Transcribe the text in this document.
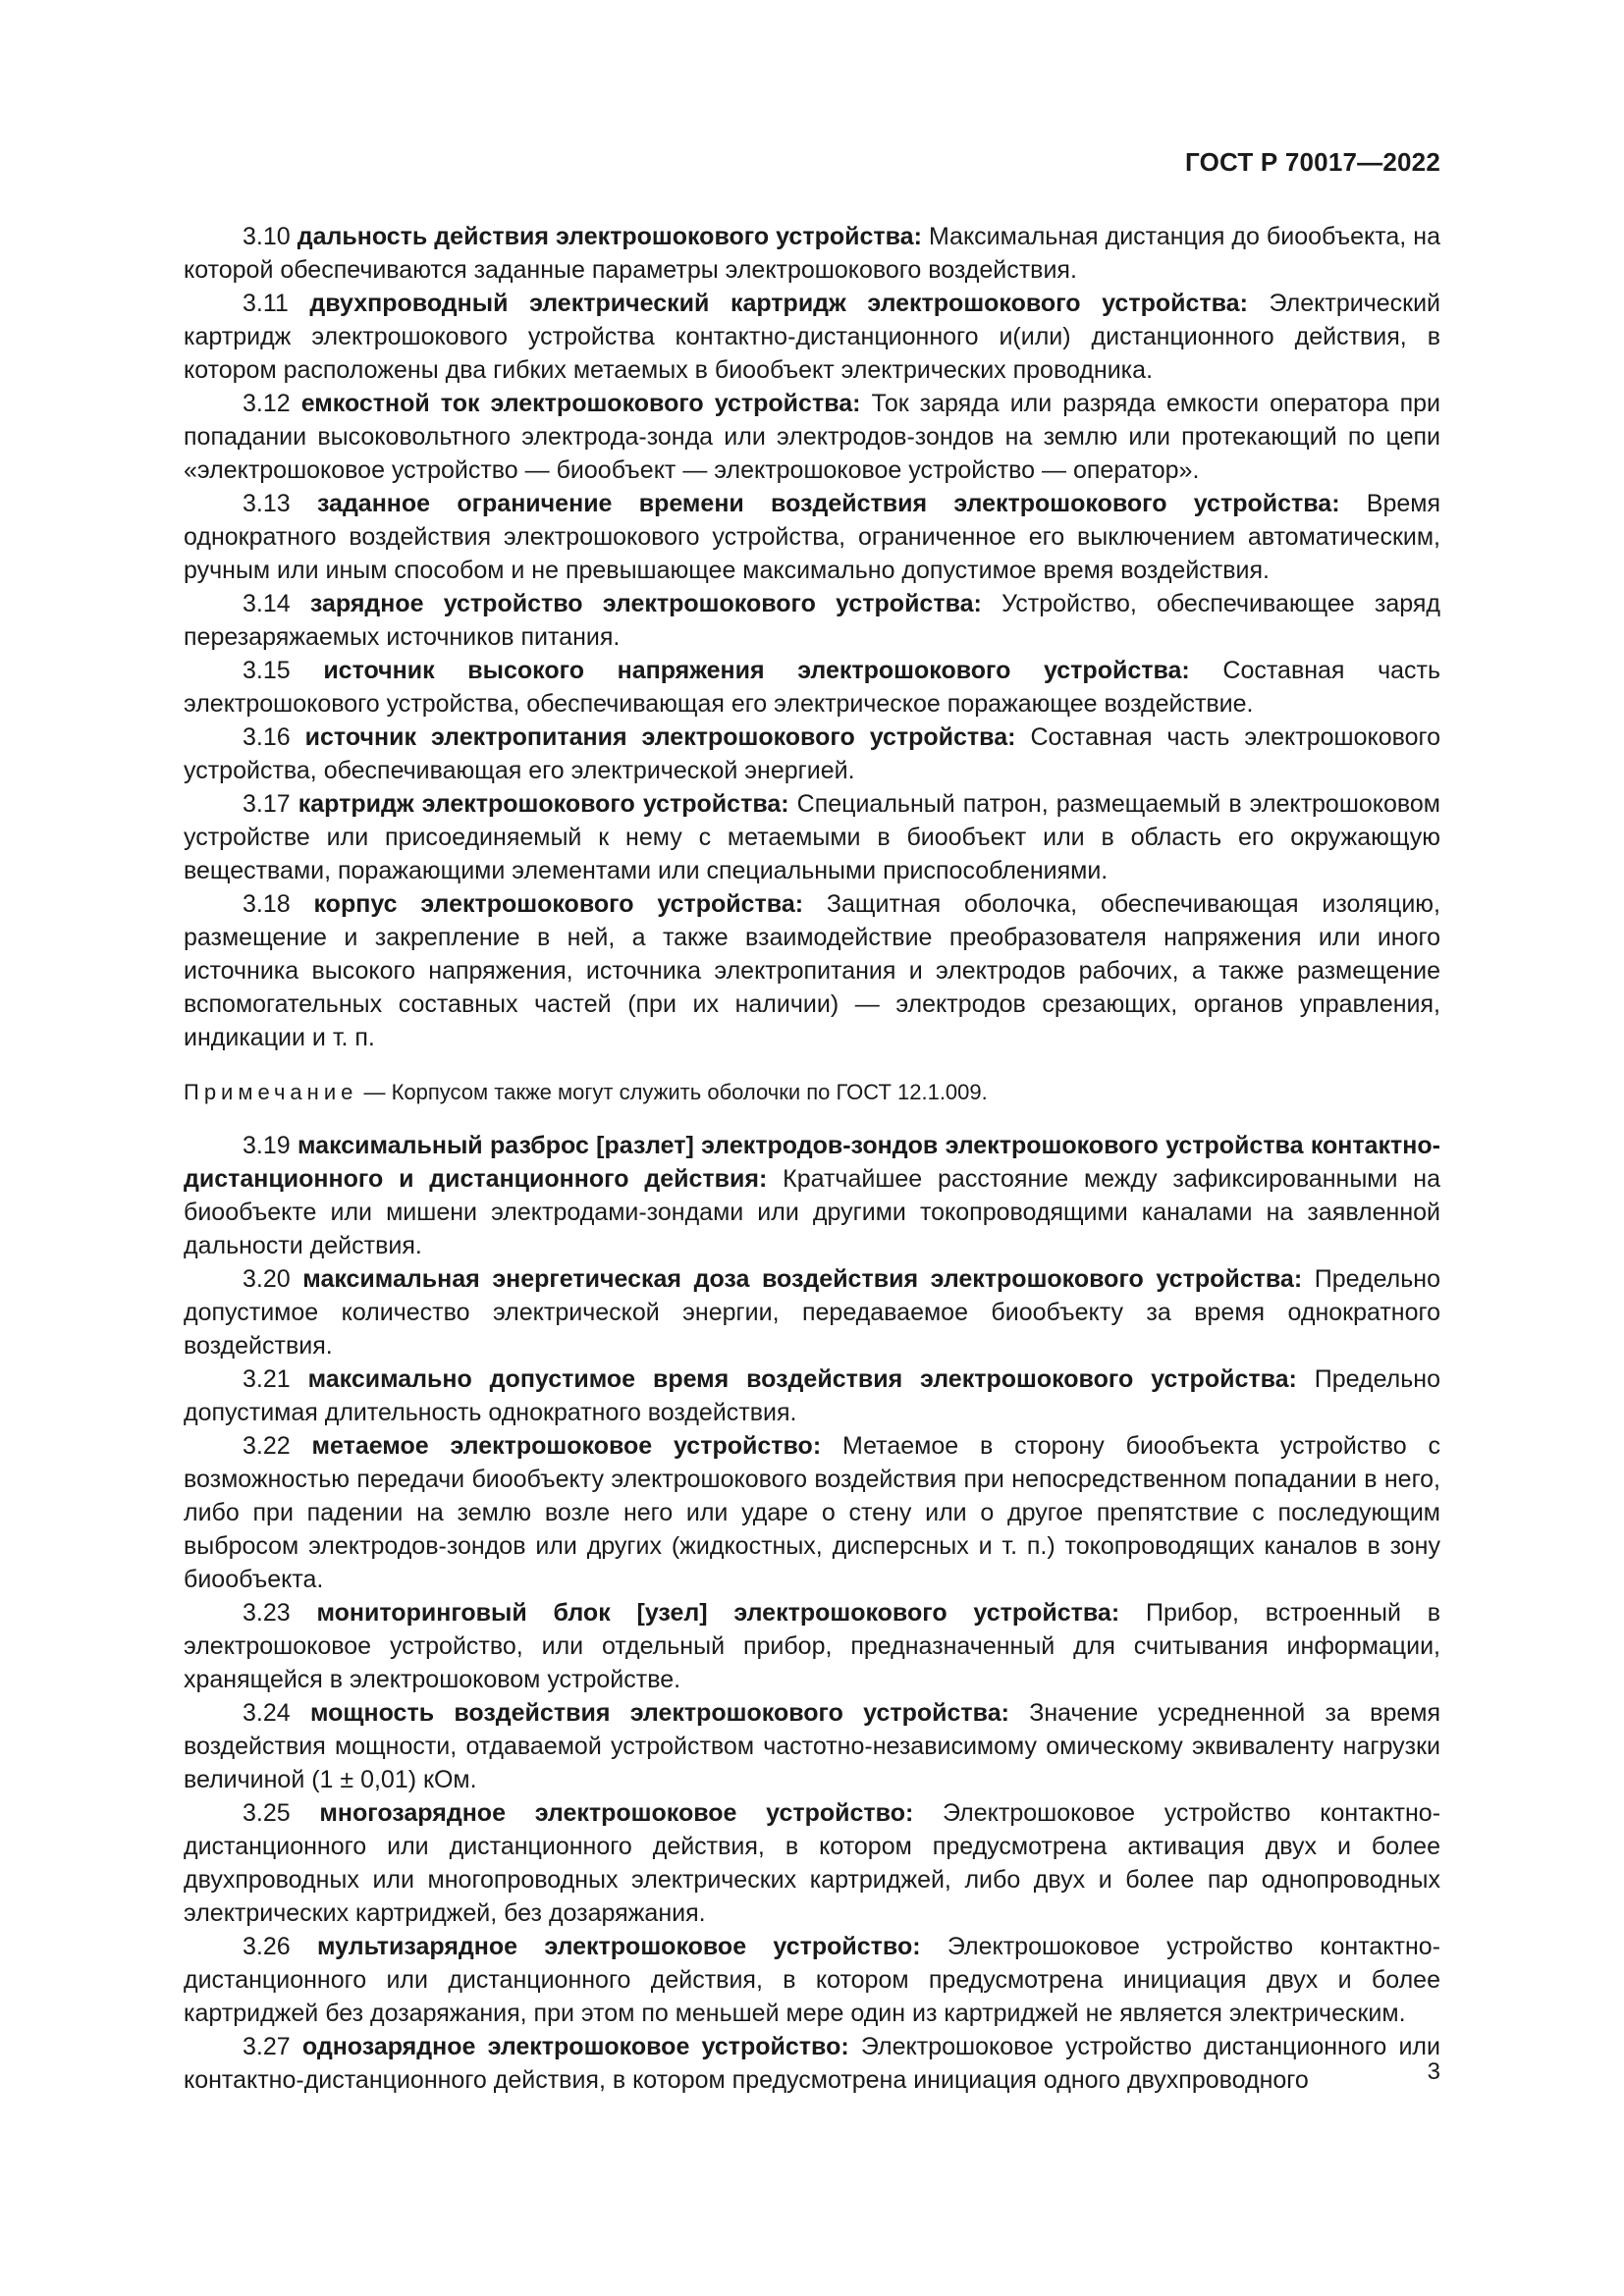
ГОСТ Р 70017—2022

3.10 дальность действия электрошокового устройства: Максимальная дистанция до биообъекта, на которой обеспечиваются заданные параметры электрошокового воздействия.

3.11 двухпроводный электрический картридж электрошокового устройства: Электрический картридж электрошокового устройства контактно-дистанционного и(или) дистанционного действия, в котором расположены два гибких метаемых в биообъект электрических проводника.

3.12 емкостной ток электрошокового устройства: Ток заряда или разряда емкости оператора при попадании высоковольтного электрода-зонда или электродов-зондов на землю или протекающий по цепи «электрошоковое устройство — биообъект — электрошоковое устройство — оператор».

3.13 заданное ограничение времени воздействия электрошокового устройства: Время однократного воздействия электрошокового устройства, ограниченное его выключением автоматическим, ручным или иным способом и не превышающее максимально допустимое время воздействия.

3.14 зарядное устройство электрошокового устройства: Устройство, обеспечивающее заряд перезаряжаемых источников питания.

3.15 источник высокого напряжения электрошокового устройства: Составная часть электрошокового устройства, обеспечивающая его электрическое поражающее воздействие.

3.16 источник электропитания электрошокового устройства: Составная часть электрошокового устройства, обеспечивающая его электрической энергией.

3.17 картридж электрошокового устройства: Специальный патрон, размещаемый в электрошоковом устройстве или присоединяемый к нему с метаемыми в биообъект или в область его окружающую веществами, поражающими элементами или специальными приспособлениями.

3.18 корпус электрошокового устройства: Защитная оболочка, обеспечивающая изоляцию, размещение и закрепление в ней, а также взаимодействие преобразователя напряжения или иного источника высокого напряжения, источника электропитания и электродов рабочих, а также размещение вспомогательных составных частей (при их наличии) — электродов срезающих, органов управления, индикации и т. п.

Примечание — Корпусом также могут служить оболочки по ГОСТ 12.1.009.

3.19 максимальный разброс [разлет] электродов-зондов электрошокового устройства контактно-дистанционного и дистанционного действия: Кратчайшее расстояние между зафиксированными на биообъекте или мишени электродами-зондами или другими токопроводящими каналами на заявленной дальности действия.

3.20 максимальная энергетическая доза воздействия электрошокового устройства: Предельно допустимое количество электрической энергии, передаваемое биообъекту за время однократного воздействия.

3.21 максимально допустимое время воздействия электрошокового устройства: Предельно допустимая длительность однократного воздействия.

3.22 метаемое электрошоковое устройство: Метаемое в сторону биообъекта устройство с возможностью передачи биообъекту электрошокового воздействия при непосредственном попадании в него, либо при падении на землю возле него или ударе о стену или о другое препятствие с последующим выбросом электродов-зондов или других (жидкостных, дисперсных и т. п.) токопроводящих каналов в зону биообъекта.

3.23 мониторинговый блок [узел] электрошокового устройства: Прибор, встроенный в электрошоковое устройство, или отдельный прибор, предназначенный для считывания информации, хранящейся в электрошоковом устройстве.

3.24 мощность воздействия электрошокового устройства: Значение усредненной за время воздействия мощности, отдаваемой устройством частотно-независимому омическому эквиваленту нагрузки величиной (1 ± 0,01) кОм.

3.25 многозарядное электрошоковое устройство: Электрошоковое устройство контактно-дистанционного или дистанционного действия, в котором предусмотрена активация двух и более двухпроводных или многопроводных электрических картриджей, либо двух и более пар однопроводных электрических картриджей, без дозаряжания.

3.26 мультизарядное электрошоковое устройство: Электрошоковое устройство контактно-дистанционного или дистанционного действия, в котором предусмотрена инициация двух и более картриджей без дозаряжания, при этом по меньшей мере один из картриджей не является электрическим.

3.27 однозарядное электрошоковое устройство: Электрошоковое устройство дистанционного или контактно-дистанционного действия, в котором предусмотрена инициация одного двухпроводного	3
